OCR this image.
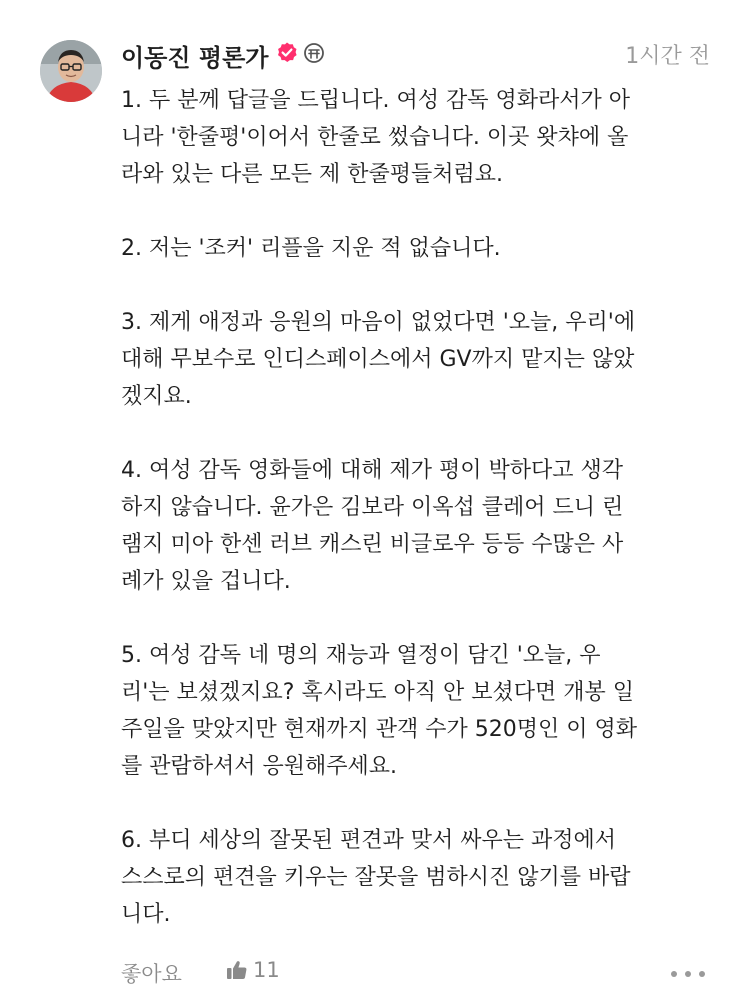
이동진 평론가	1시간 전

1. 두 분께 답글을 드립니다. 여성 감독 영화라서가 아
니라 '한줄평'이어서 한줄로 썼습니다. 이곳 왓챠에 올
라와 있는 다른 모든 제 한줄평들처럼요.

2. 저는 '조커' 리플을 지운 적 없습니다.

3. 제게 애정과 응원의 마음이 없었다면 '오늘, 우리'에
대해 무보수로 인디스페이스에서 GV까지 맡지는 않았
겠지요.

4. 여성 감독 영화들에 대해 제가 평이 박하다고 생각
하지 않습니다. 윤가은 김보라 이옥섭 클레어 드니 린
램지 미아 한센 러브 캐스린 비글로우 등등 수많은 사
례가 있을 겁니다.

5. 여성 감독 네 명의 재능과 열정이 담긴 '오늘, 우
리'는 보셨겠지요? 혹시라도 아직 안 보셨다면 개봉 일
주일을 맞았지만 현재까지 관객 수가 520명인 이 영화
를 관람하셔서 응원해주세요.

6. 부디 세상의 잘못된 편견과 맞서 싸우는 과정에서
스스로의 편견을 키우는 잘못을 범하시진 않기를 바랍
니다.

좋아요	11
